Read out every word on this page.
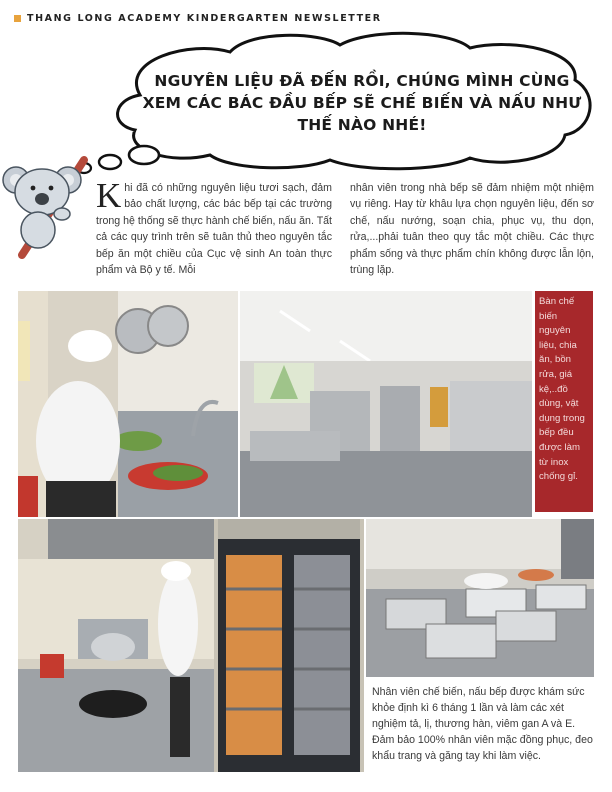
THANG LONG ACADEMY KINDERGARTEN NEWSLETTER
NGUYÊN LIỆU ĐÃ ĐẾN RỒI, CHÚNG MÌNH CÙNG XEM CÁC BÁC ĐẦU BẾP SẼ CHẾ BIẾN VÀ NẤU NHƯ THẾ NÀO NHÉ!
Khi đã có những nguyên liệu tươi sạch, đảm bảo chất lượng, các bác bếp tại các trường trong hệ thống sẽ thực hành chế biến, nấu ăn. Tất cả các quy trình trên sẽ tuân thủ theo nguyên tắc bếp ăn một chiều của Cục vệ sinh An toàn thực phẩm và Bộ y tế. Mỗi
nhân viên trong nhà bếp sẽ đảm nhiệm một nhiệm vụ riêng. Hay từ khâu lựa chọn nguyên liệu, đến sơ chế, nấu nướng, soạn chia, phục vụ, thu dọn, rửa,...phải tuân theo quy tắc một chiều. Các thực phẩm sống và thực phẩm chín không được lẫn lộn, trùng lặp.
Bàn chế biến nguyên liệu, chia ăn, bồn rửa, giá kệ,..đồ dùng, vật dụng trong bếp đều được làm từ inox chống gỉ.
Nhân viên chế biến, nấu bếp được khám sức khỏe định kì 6 tháng 1 lần và làm các xét nghiệm tả, lị, thương hàn, viêm gan A và E. Đảm bảo 100% nhân viên mặc đồng phục, đeo khẩu trang và găng tay khi làm việc.
